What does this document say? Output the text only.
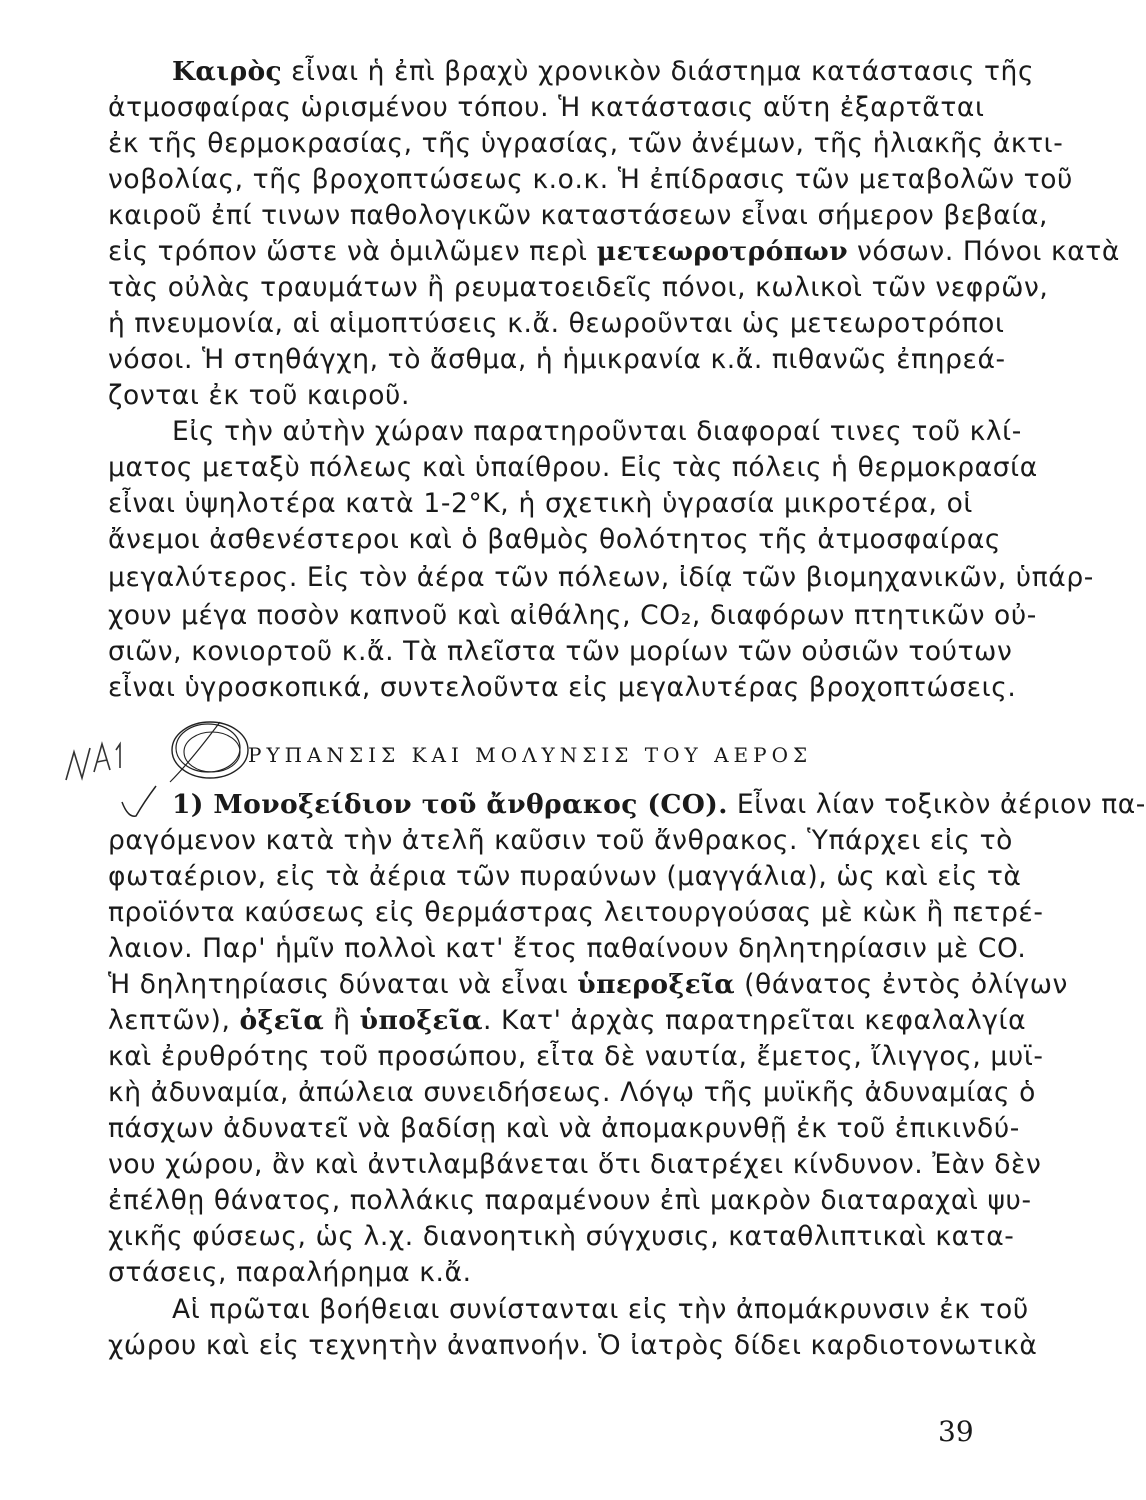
Καιρὸς εἶναι ἡ ἐπὶ βραχὺ χρονικὸν διάστημα κατάστασις τῆς
ἀτμοσφαίρας ὡρισμένου τόπου. Ἡ κατάστασις αὕτη ἐξαρτᾶται
ἐκ τῆς θερμοκρασίας, τῆς ὑγρασίας, τῶν ἀνέμων, τῆς ἡλιακῆς ἀκτι-
νοβολίας, τῆς βροχοπτώσεως κ.ο.κ. Ἡ ἐπίδρασις τῶν μεταβολῶν τοῦ
καιροῦ ἐπί τινων παθολογικῶν καταστάσεων εἶναι σήμερον βεβαία,
εἰς τρόπον ὥστε νὰ ὁμιλῶμεν περὶ μετεωροτρόπων νόσων. Πόνοι κατὰ
τὰς οὐλὰς τραυμάτων ἢ ρευματοειδεῖς πόνοι, κωλικοὶ τῶν νεφρῶν,
ἡ πνευμονία, αἱ αἱμοπτύσεις κ.ἄ. θεωροῦνται ὡς μετεωροτρόποι
νόσοι. Ἡ στηθάγχη, τὸ ἄσθμα, ἡ ἡμικρανία κ.ἄ. πιθανῶς ἐπηρεά-
ζονται ἐκ τοῦ καιροῦ.
Εἰς τὴν αὐτὴν χώραν παρατηροῦνται διαφοραί τινες τοῦ κλί-
ματος μεταξὺ πόλεως καὶ ὑπαίθρου. Εἰς τὰς πόλεις ἡ θερμοκρασία
εἶναι ὑψηλοτέρα κατὰ 1-2°Κ, ἡ σχετικὴ ὑγρασία μικροτέρα, οἱ
ἄνεμοι ἀσθενέστεροι καὶ ὁ βαθμὸς θολότητος τῆς ἀτμοσφαίρας
μεγαλύτερος. Εἰς τὸν ἀέρα τῶν πόλεων, ἰδίᾳ τῶν βιομηχανικῶν, ὑπάρ-
χουν μέγα ποσὸν καπνοῦ καὶ αἰθάλης, CO₂, διαφόρων πτητικῶν οὐ-
σιῶν, κονιορτοῦ κ.ἄ. Τὰ πλεῖστα τῶν μορίων τῶν οὐσιῶν τούτων
εἶναι ὑγροσκοπικά, συντελοῦντα εἰς μεγαλυτέρας βροχοπτώσεις.
ΡΥΠΑΝΣΙΣ ΚΑΙ ΜΟΛΥΝΣΙΣ ΤΟΥ ΑΕΡΟΣ
1) Μονοξείδιον τοῦ ἄνθρακος (CO). Εἶναι λίαν τοξικὸν ἀέριον πα-
ραγόμενον κατὰ τὴν ἀτελῆ καῦσιν τοῦ ἄνθρακος. Ὑπάρχει εἰς τὸ
φωταέριον, εἰς τὰ ἀέρια τῶν πυραύνων (μαγγάλια), ὡς καὶ εἰς τὰ
προϊόντα καύσεως εἰς θερμάστρας λειτουργούσας μὲ κὼκ ἢ πετρέ-
λαιον. Παρ' ἡμῖν πολλοὶ κατ' ἔτος παθαίνουν δηλητηρίασιν μὲ CO.
Ἡ δηλητηρίασις δύναται νὰ εἶναι ὑπεροξεῖα (θάνατος ἐντὸς ὀλίγων
λεπτῶν), ὀξεῖα ἢ ὑποξεῖα. Κατ' ἀρχὰς παρατηρεῖται κεφαλαλγία
καὶ ἐρυθρότης τοῦ προσώπου, εἶτα δὲ ναυτία, ἔμετος, ἴλιγγος, μυϊ-
κὴ ἀδυναμία, ἀπώλεια συνειδήσεως. Λόγῳ τῆς μυϊκῆς ἀδυναμίας ὁ
πάσχων ἀδυνατεῖ νὰ βαδίσῃ καὶ νὰ ἀπομακρυνθῇ ἐκ τοῦ ἐπικινδύ-
νου χώρου, ἂν καὶ ἀντιλαμβάνεται ὅτι διατρέχει κίνδυνον. Ἐὰν δὲν
ἐπέλθῃ θάνατος, πολλάκις παραμένουν ἐπὶ μακρὸν διαταραχαὶ ψυ-
χικῆς φύσεως, ὡς λ.χ. διανοητικὴ σύγχυσις, καταθλιπτικαὶ κατα-
στάσεις, παραλήρημα κ.ἄ.
Αἱ πρῶται βοήθειαι συνίστανται εἰς τὴν ἀπομάκρυνσιν ἐκ τοῦ
χώρου καὶ εἰς τεχνητὴν ἀναπνοήν. Ὁ ἰατρὸς δίδει καρδιοτονωτικὰ
39
